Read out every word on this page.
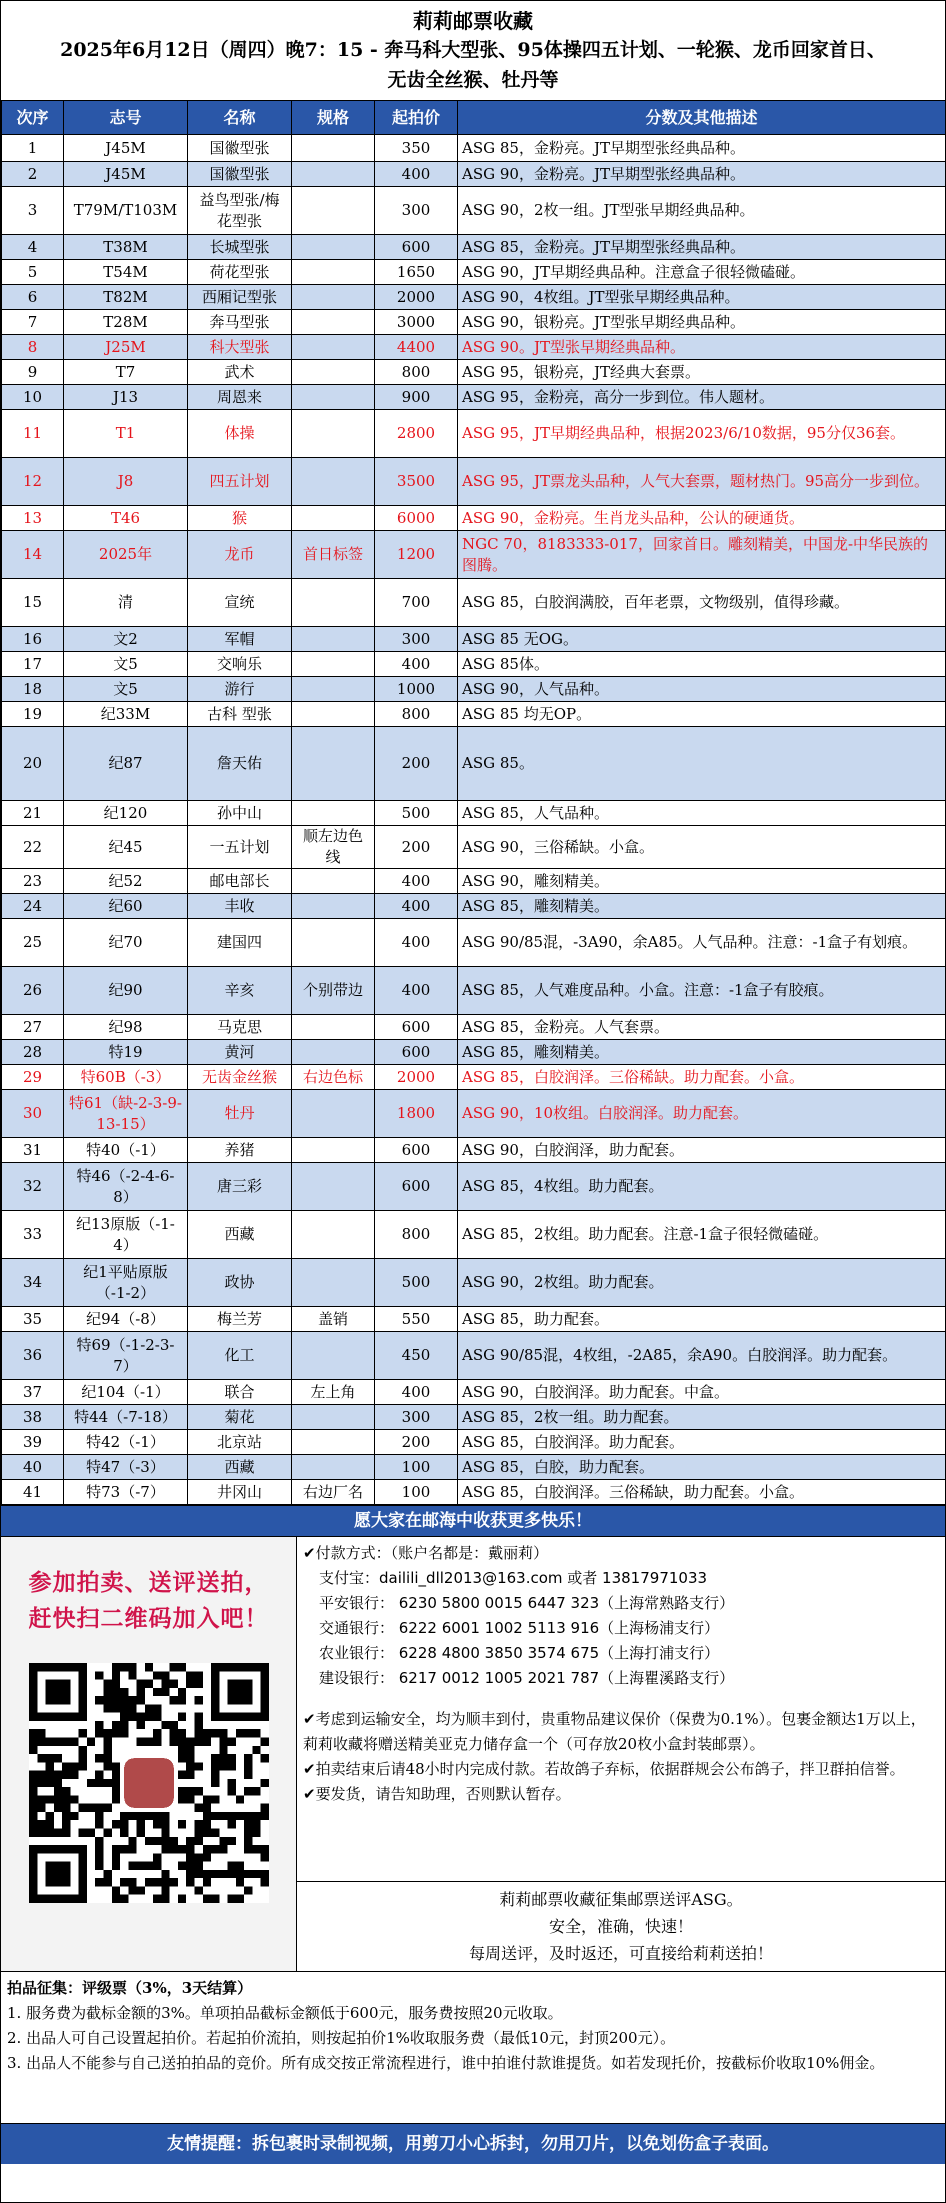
莉莉邮票收藏
2025年6月12日（周四）晚7：15 - 奔马科大型张、95体操四五计划、一轮猴、龙币回家首日、
无齿全丝猴、牡丹等
次序	志号	名称	规格	起拍价	分数及其他描述
1	J45M	国徽型张		350	ASG 85，金粉亮。JT早期型张经典品种。
2	J45M	国徽型张		400	ASG 90，金粉亮。JT早期型张经典品种。
3	T79M/T103M	益鸟型张/梅花型张		300	ASG 90，2枚一组。JT型张早期经典品种。
4	T38M	长城型张		600	ASG 85，金粉亮。JT早期型张经典品种。
5	T54M	荷花型张		1650	ASG 90，JT早期经典品种。注意盒子很轻微磕碰。
6	T82M	西厢记型张		2000	ASG 90，4枚组。JT型张早期经典品种。
7	T28M	奔马型张		3000	ASG 90，银粉亮。JT型张早期经典品种。
8	J25M	科大型张		4400	ASG 90。JT型张早期经典品种。
9	T7	武术		800	ASG 95，银粉亮，JT经典大套票。
10	J13	周恩来		900	ASG 95，金粉亮，高分一步到位。伟人题材。
11	T1	体操		2800	ASG 95，JT早期经典品种，根据2023/6/10数据，95分仅36套。
12	J8	四五计划		3500	ASG 95，JT票龙头品种，人气大套票，题材热门。95高分一步到位。
13	T46	猴		6000	ASG 90，金粉亮。生肖龙头品种，公认的硬通货。
14	2025年	龙币	首日标签	1200	NGC 70，8183333-017，回家首日。雕刻精美，中国龙-中华民族的图腾。
15	清	宣统		700	ASG 85，白胶润满胶，百年老票，文物级别，值得珍藏。
16	文2	军帽		300	ASG 85 无OG。
17	文5	交响乐		400	ASG 85体。
18	文5	游行		1000	ASG 90，人气品种。
19	纪33M	古科 型张		800	ASG 85 均无OP。
20	纪87	詹天佑		200	ASG 85。
21	纪120	孙中山		500	ASG 85，人气品种。
22	纪45	一五计划	顺左边色线	200	ASG 90，三俗稀缺。小盒。
23	纪52	邮电部长		400	ASG 90，雕刻精美。
24	纪60	丰收		400	ASG 85，雕刻精美。
25	纪70	建国四		400	ASG 90/85混，-3A90，余A85。人气品种。注意：-1盒子有划痕。
26	纪90	辛亥	个别带边	400	ASG 85，人气难度品种。小盒。注意：-1盒子有胶痕。
27	纪98	马克思		600	ASG 85，金粉亮。人气套票。
28	特19	黄河		600	ASG 85，雕刻精美。
29	特60B（-3）	无齿金丝猴	右边色标	2000	ASG 85，白胶润泽。三俗稀缺。助力配套。小盒。
30	特61（缺-2-3-9-13-15）	牡丹		1800	ASG 90，10枚组。白胶润泽。助力配套。
31	特40（-1）	养猪		600	ASG 90，白胶润泽，助力配套。
32	特46（-2-4-6-8）	唐三彩		600	ASG 85，4枚组。助力配套。
33	纪13原版（-1-4）	西藏		800	ASG 85，2枚组。助力配套。注意-1盒子很轻微磕碰。
34	纪1平贴原版（-1-2）	政协		500	ASG 90，2枚组。助力配套。
35	纪94（-8）	梅兰芳	盖销	550	ASG 85，助力配套。
36	特69（-1-2-3-7）	化工		450	ASG 90/85混，4枚组，-2A85，余A90。白胶润泽。助力配套。
37	纪104（-1）	联合	左上角	400	ASG 90，白胶润泽。助力配套。中盒。
38	特44（-7-18）	菊花		300	ASG 85，2枚一组。助力配套。
39	特42（-1）	北京站		200	ASG 85，白胶润泽。助力配套。
40	特47（-3）	西藏		100	ASG 85，白胶，助力配套。
41	特73（-7）	井冈山	右边厂名	100	ASG 85，白胶润泽。三俗稀缺，助力配套。小盒。
愿大家在邮海中收获更多快乐！
参加拍卖、送评送拍，
赶快扫二维码加入吧！
✔付款方式：（账户名都是：戴丽莉）
支付宝：dailili_dll2013@163.com 或者 13817971033
平安银行： 6230 5800 0015 6447 323（上海常熟路支行）
交通银行： 6222 6001 1002 5113 916（上海杨浦支行）
农业银行： 6228 4800 3850 3574 675（上海打浦支行）
建设银行： 6217 0012 1005 2021 787（上海瞿溪路支行）
✔考虑到运输安全，均为顺丰到付，贵重物品建议保价（保费为0.1%）。包裹金额达1万以上，莉莉收藏将赠送精美亚克力储存盒一个（可存放20枚小盒封装邮票）。
✔拍卖结束后请48小时内完成付款。若故鸽子弃标，依据群规会公布鸽子，拌卫群拍信誉。
✔要发货，请告知助理，否则默认暂存。
莉莉邮票收藏征集邮票送评ASG。
安全，准确，快速！
每周送评，及时返还，可直接给莉莉送拍！
拍品征集：评级票（3%，3天结算）
1. 服务费为截标金额的3%。单项拍品截标金额低于600元，服务费按照20元收取。
2. 出品人可自己设置起拍价。若起拍价流拍，则按起拍价1%收取服务费（最低10元，封顶200元）。
3. 出品人不能参与自己送拍拍品的竞价。所有成交按正常流程进行，谁中拍谁付款谁提货。如若发现托价，按截标价收取10%佣金。
友情提醒：拆包裹时录制视频，用剪刀小心拆封，勿用刀片，以免划伤盒子表面。
